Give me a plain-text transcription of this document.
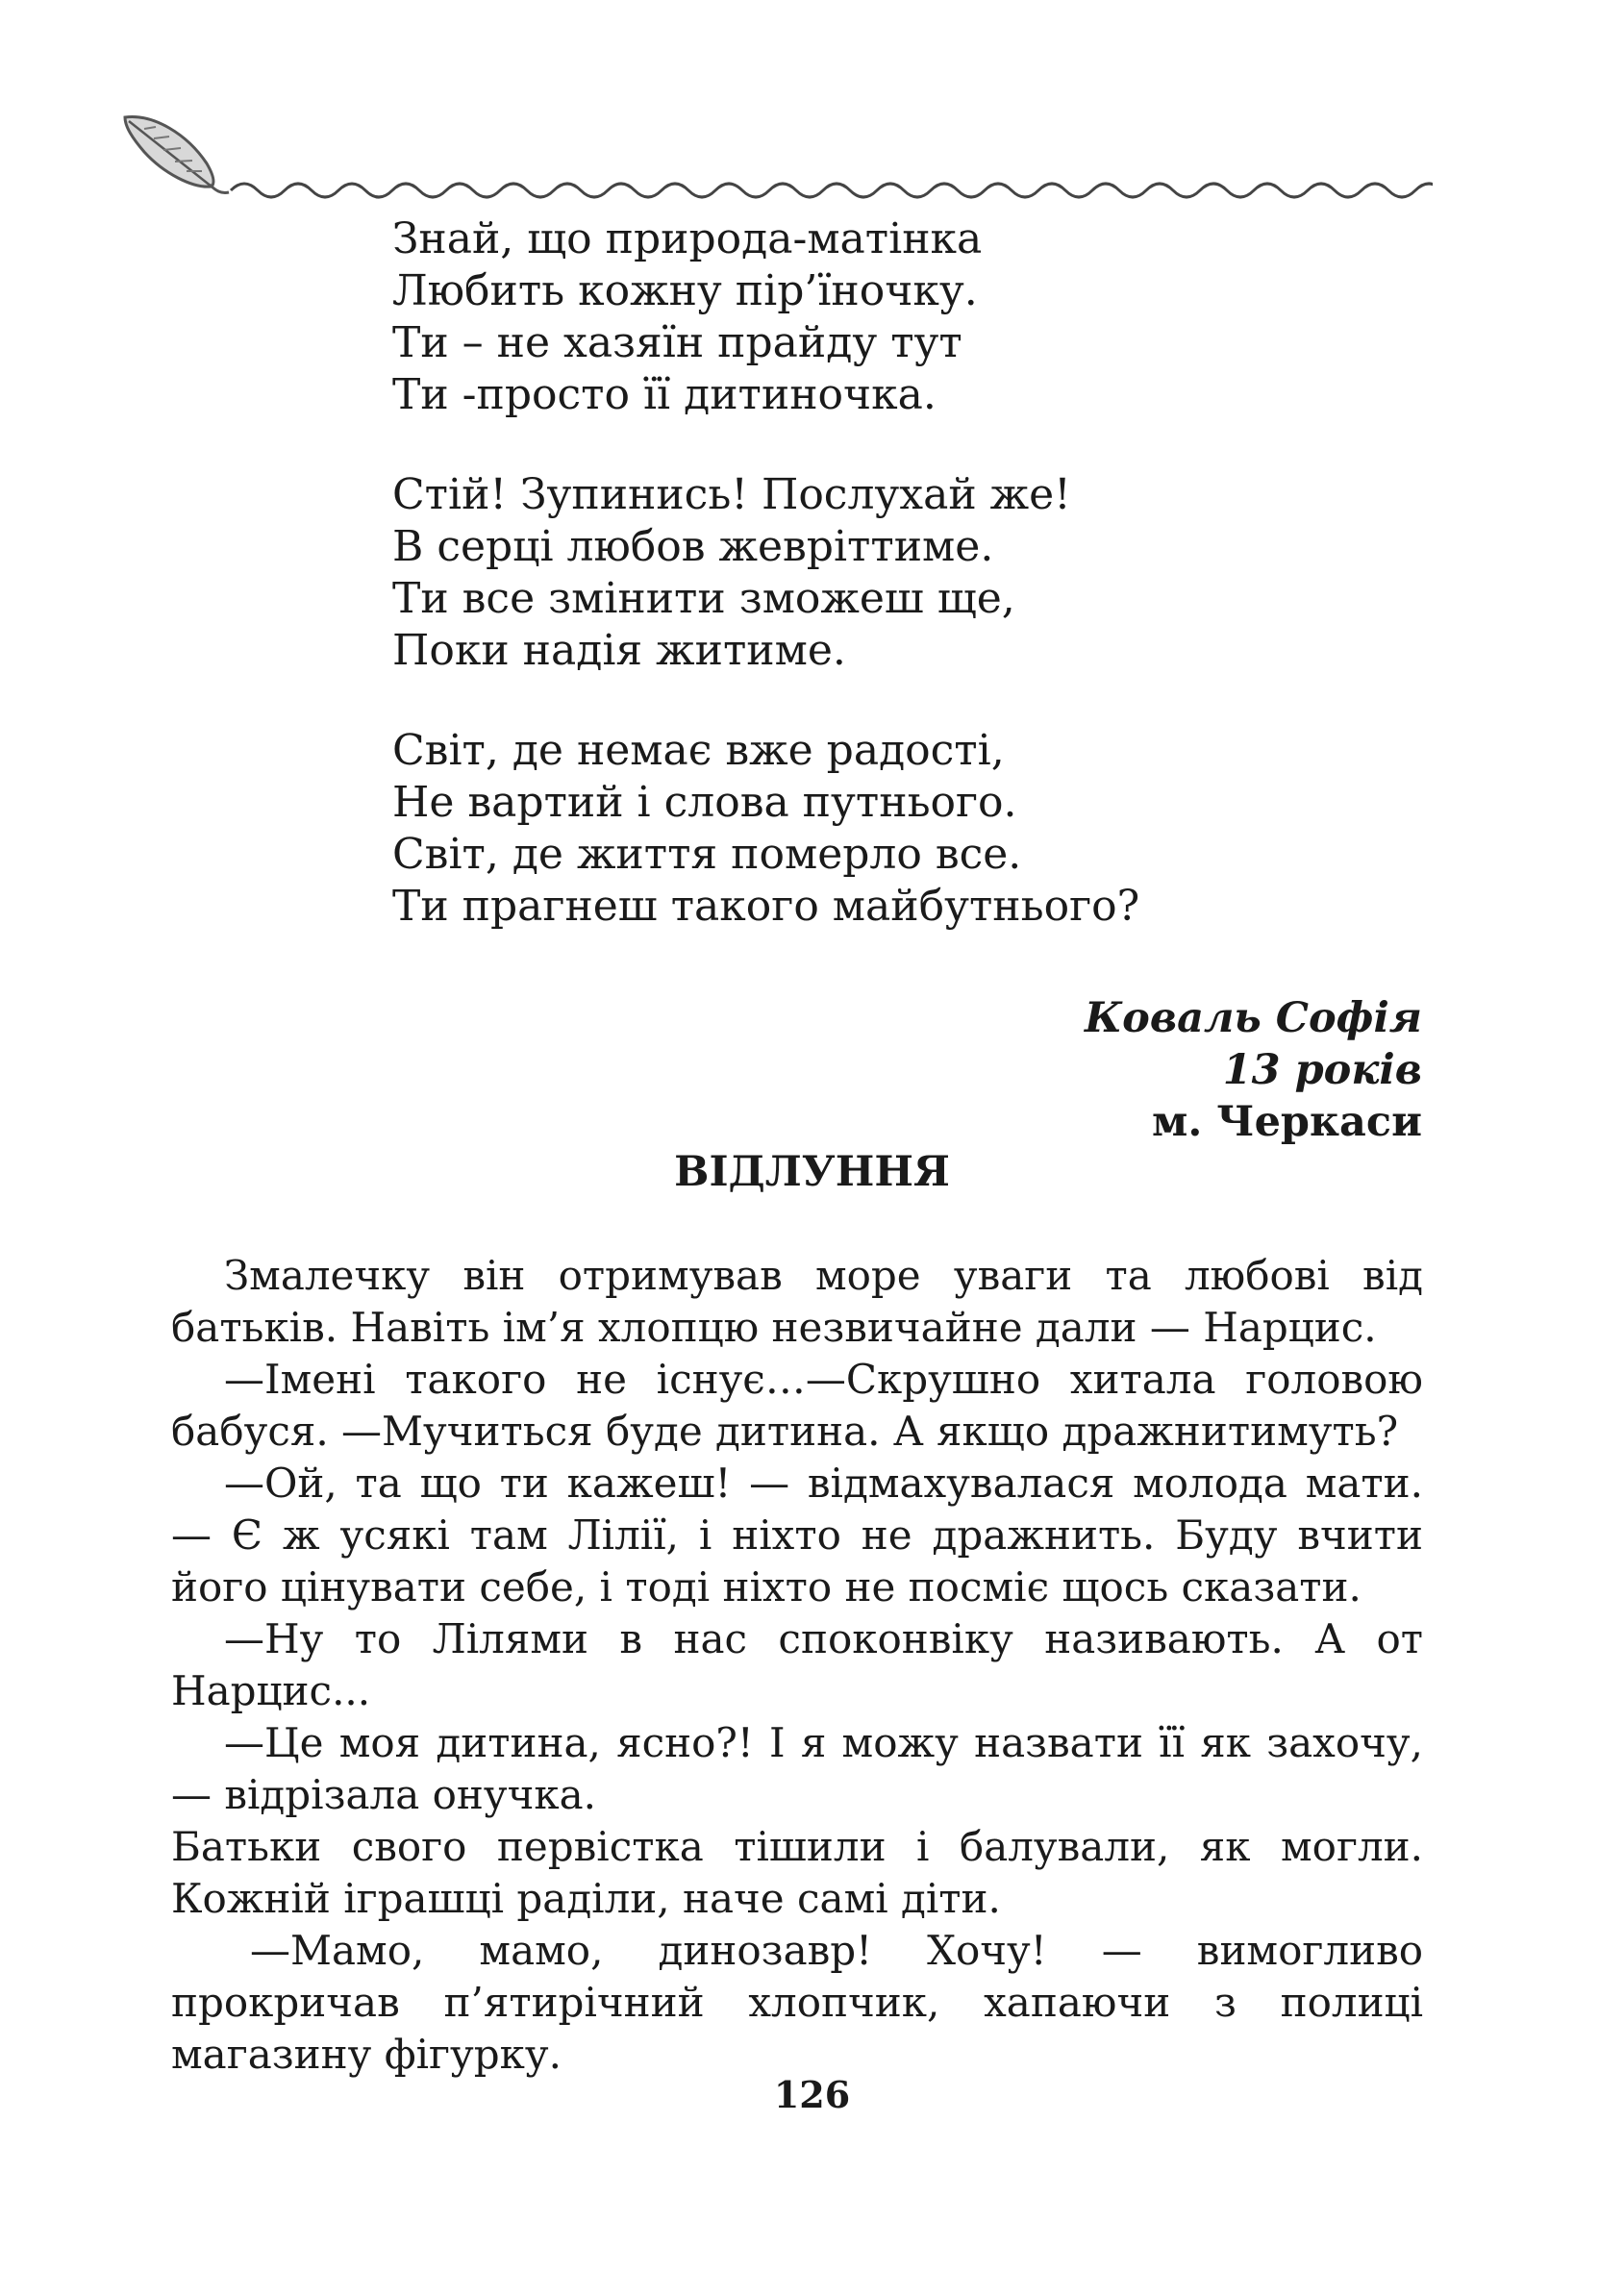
Знай, що природа-матінка
Любить кожну пір’їночку.
Ти – не хазяїн прайду тут
Ти -просто її дитиночка.
Стій! Зупинись! Послухай же!
В серці любов жевріттиме.
Ти все змінити зможеш ще,
Поки надія житиме.
Світ, де немає вже радості,
Не вартий і слова путнього.
Світ, де життя померло все.
Ти прагнеш такого майбутнього?
Коваль Софія
13 років
м. Черкаси
ВІДЛУННЯ

Змалечку він отримував море уваги та любові від батьків. Навіть ім’я хлопцю незвичайне дали — Нарцис.

—Імені такого не існує…—Скрушно хитала головою бабуся. —Мучиться буде дитина. А якщо дражнитимуть?

—Ой, та що ти кажеш! — відмахувалася молода мати. — Є ж усякі там Лілії, і ніхто не дражнить. Буду вчити його цінувати себе, і тоді ніхто не посміє щось сказати.

—Ну то Лілями в нас споконвіку називають. А от Нарцис...

—Це моя дитина, ясно?! І я можу назвати її як захочу, — відрізала онучка.

Батьки свого первістка тішили і балували, як могли. Кожній іграшці раділи, наче самі діти.

—Мамо, мамо, динозавр! Хочу! — вимогливо прокричав п’ятирічний хлопчик, хапаючи з полиці магазину фігурку.

126
